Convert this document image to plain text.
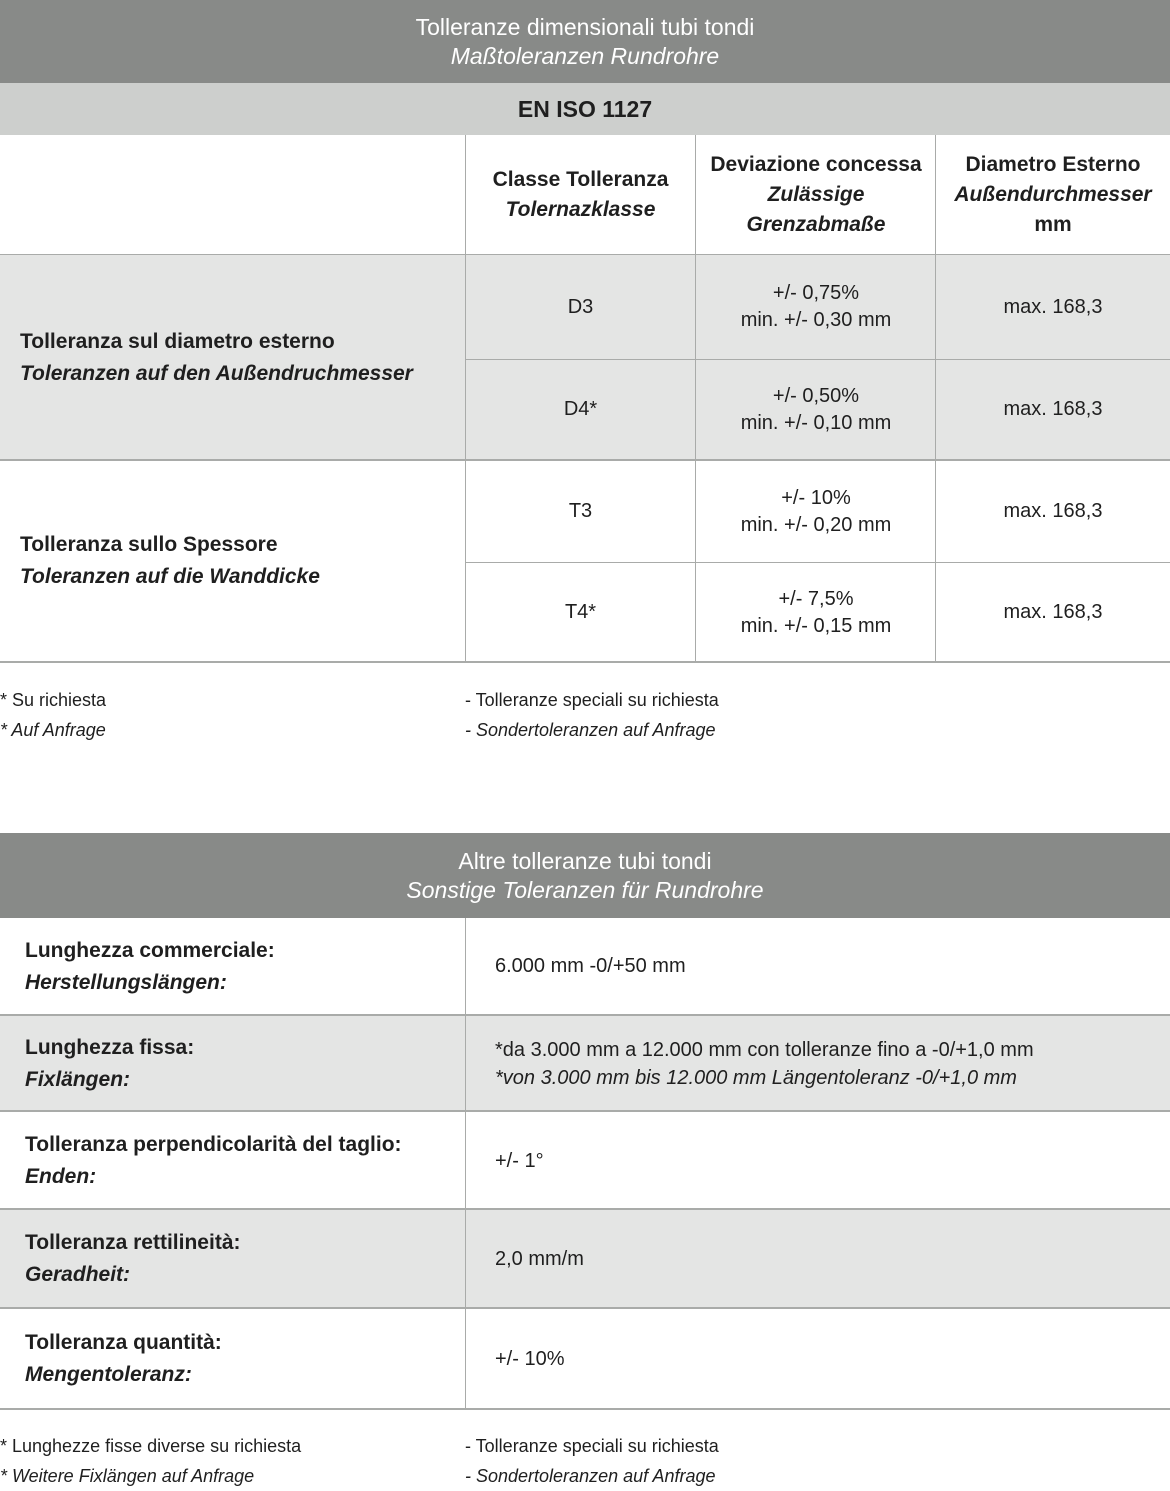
Tolleranze dimensionali tubi tondi
Maßtoleranzen Rundrohre
EN ISO 1127
Classe Tolleranza
Tolernazklasse
Deviazione concessa
Zulässige Grenzabmaße
Diametro Esterno
Außendurchmesser
mm
Tolleranza sul diametro esterno
Toleranzen auf den Außendruchmesser
D3
+/- 0,75%
min. +/- 0,30 mm
max. 168,3
D4*
+/- 0,50%
min. +/- 0,10 mm
max. 168,3
Tolleranza sullo Spessore
Toleranzen auf die Wanddicke
T3
+/- 10%
min. +/- 0,20 mm
max. 168,3
T4*
+/- 7,5%
min. +/- 0,15 mm
max. 168,3
* Su richiesta
* Auf Anfrage
- Tolleranze speciali su richiesta
- Sondertoleranzen auf Anfrage
Altre tolleranze tubi tondi
Sonstige Toleranzen für Rundrohre
Lunghezza commerciale:
Herstellungslängen:
6.000 mm -0/+50 mm
Lunghezza fissa:
Fixlängen:
*da 3.000 mm a 12.000 mm con tolleranze fino a -0/+1,0 mm
*von 3.000 mm bis 12.000 mm Längentoleranz -0/+1,0 mm
Tolleranza perpendicolarità del taglio:
Enden:
+/- 1°
Tolleranza rettilineità:
Geradheit:
2,0 mm/m
Tolleranza quantità:
Mengentoleranz:
+/- 10%
* Lunghezze fisse diverse su richiesta
* Weitere Fixlängen auf Anfrage
- Tolleranze speciali su richiesta
- Sondertoleranzen auf Anfrage
